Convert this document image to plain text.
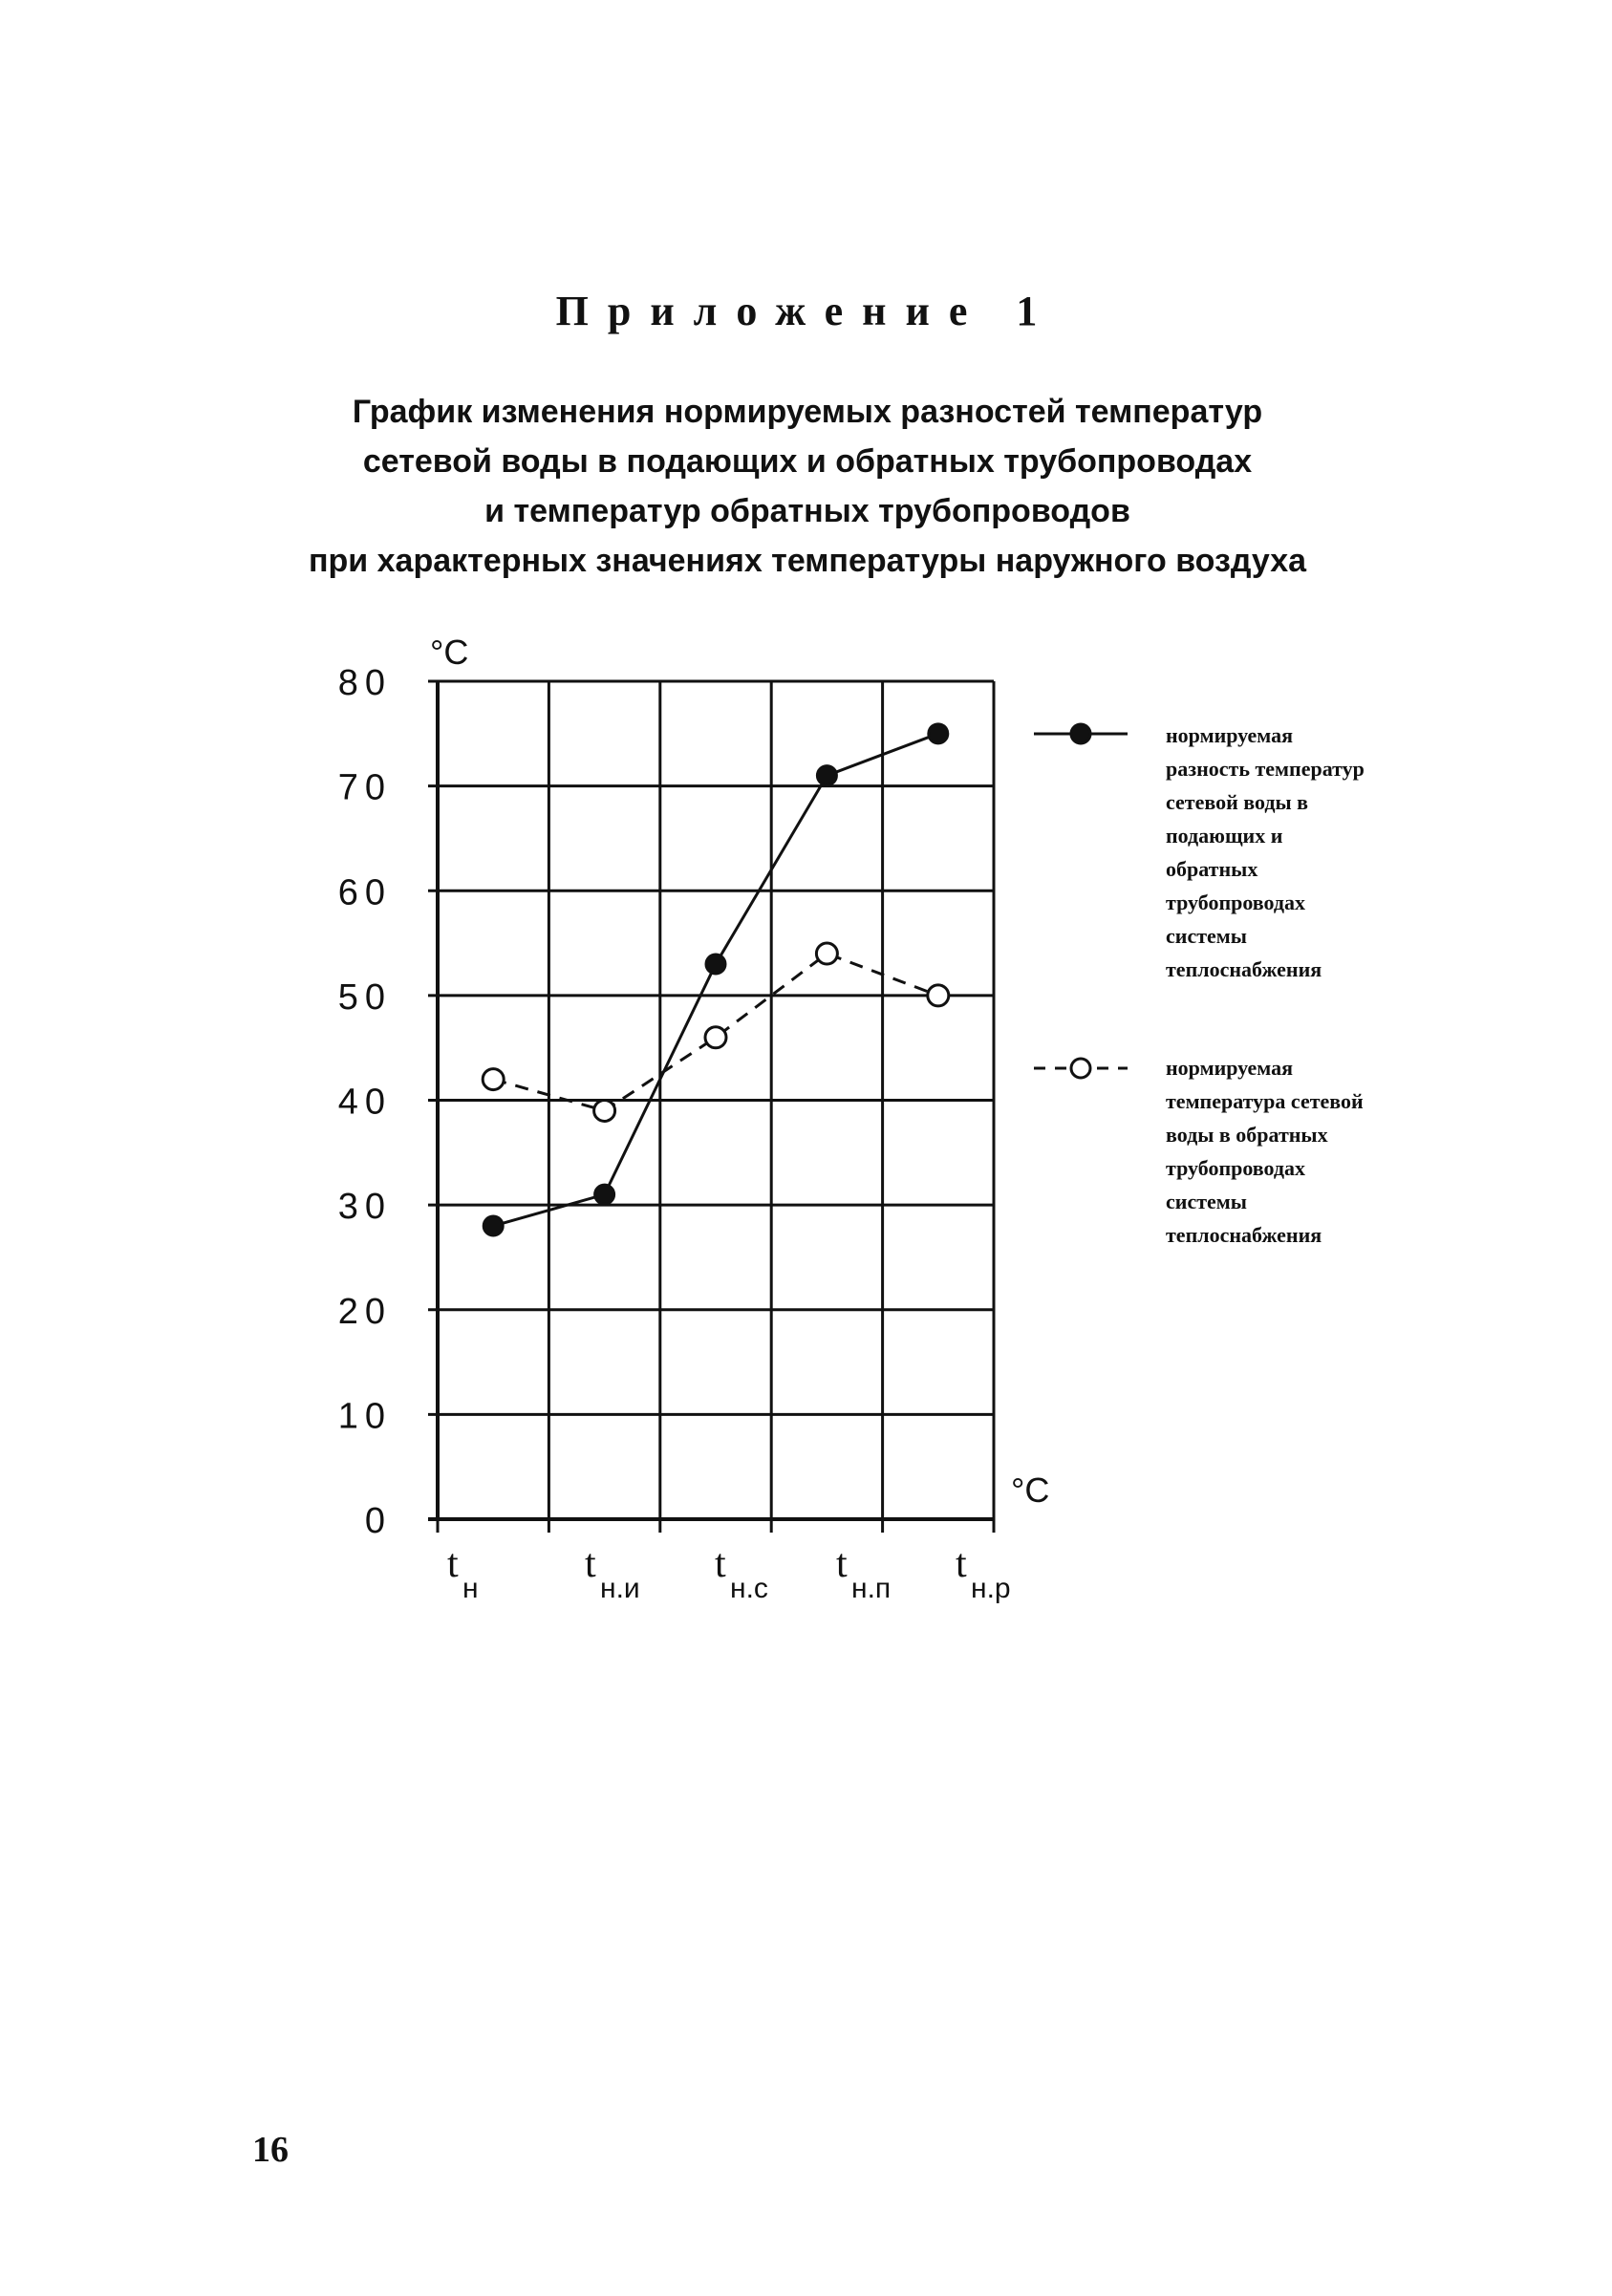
Приложение 1
График изменения нормируемых разностей температур
сетевой воды в подающих и обратных трубопроводах
и температур обратных трубопроводов
при характерных значениях температуры наружного воздуха
0
10
20
30
40
50
60
70
80
°C
°C
t
н
t
н.и
t
н.с
t
н.п
t
н.р
нормируемая
разность температур
сетевой воды в
подающих и
обратных
трубопроводах
системы
теплоснабжения
нормируемая
температура сетевой
воды в обратных
трубопроводах
системы
теплоснабжения
16
